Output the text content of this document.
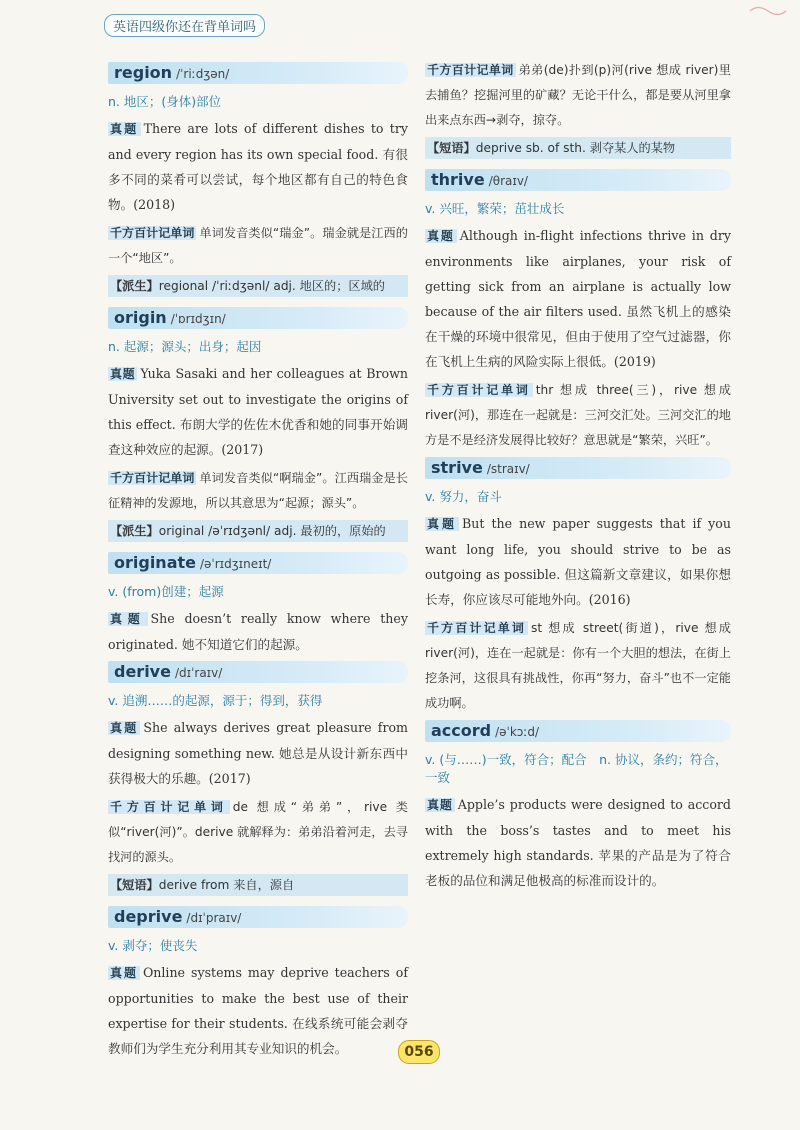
英语四级你还在背单词吗
region /ˈriːdʒən/
n. 地区；(身体)部位

真题 There are lots of different dishes to try and every region has its own special food. 有很多不同的菜肴可以尝试，每个地区都有自己的特色食物。(2018)

千方百计记单词 单词发音类似“瑞金”。瑞金就是江西的一个“地区”。

【派生】regional /ˈriːdʒənl/ adj. 地区的；区域的
origin /ˈɒrɪdʒɪn/
n. 起源；源头；出身；起因

真题 Yuka Sasaki and her colleagues at Brown University set out to investigate the origins of this effect. 布朗大学的佐佐木优香和她的同事开始调查这种效应的起源。(2017)

千方百计记单词 单词发音类似“啊瑞金”。江西瑞金是长征精神的发源地，所以其意思为“起源；源头”。

【派生】original /əˈrɪdʒənl/ adj. 最初的，原始的
originate /əˈrɪdʒɪneɪt/
v. (from)创建；起源

真题 She doesn’t really know where they originated. 她不知道它们的起源。

derive /dɪˈraɪv/
v. 追溯……的起源，源于；得到，获得

真题 She always derives great pleasure from designing something new. 她总是从设计新东西中获得极大的乐趣。(2017)

千方百计记单词 de 想成“弟弟”，rive 类似“river(河)”。derive 就解释为：弟弟沿着河走，去寻找河的源头。

【短语】derive from 来自，源自
deprive /dɪˈpraɪv/
v. 剥夺；使丧失

真题 Online systems may deprive teachers of opportunities to make the best use of their expertise for their students. 在线系统可能会剥夺教师们为学生充分利用其专业知识的机会。

千方百计记单词 弟弟(de)扑到(p)河(rive 想成 river)里去捕鱼？挖掘河里的矿藏？无论干什么，都是要从河里拿出来点东西→剥夺，掠夺。

【短语】deprive sb. of sth. 剥夺某人的某物
thrive /θraɪv/
v. 兴旺，繁荣；茁壮成长

真题 Although in-flight infections thrive in dry environments like airplanes, your risk of getting sick from an airplane is actually low because of the air filters used. 虽然飞机上的感染在干燥的环境中很常见，但由于使用了空气过滤器，你在飞机上生病的风险实际上很低。(2019)

千方百计记单词 thr 想成 three(三)，rive 想成 river(河)，那连在一起就是：三河交汇处。三河交汇的地方是不是经济发展得比较好？意思就是“繁荣，兴旺”。

strive /straɪv/
v. 努力，奋斗

真题 But the new paper suggests that if you want long life, you should strive to be as outgoing as possible. 但这篇新文章建议，如果你想长寿，你应该尽可能地外向。(2016)

千方百计记单词 st 想成 street(街道)，rive 想成 river(河)，连在一起就是：你有一个大胆的想法，在街上挖条河，这很具有挑战性，你再“努力，奋斗”也不一定能成功啊。

accord /əˈkɔːd/
v. (与……)一致，符合；配合　n. 协议，条约；符合，一致

真题 Apple’s products were designed to accord with the boss’s tastes and to meet his extremely high standards. 苹果的产品是为了符合老板的品位和满足他极高的标准而设计的。

056
